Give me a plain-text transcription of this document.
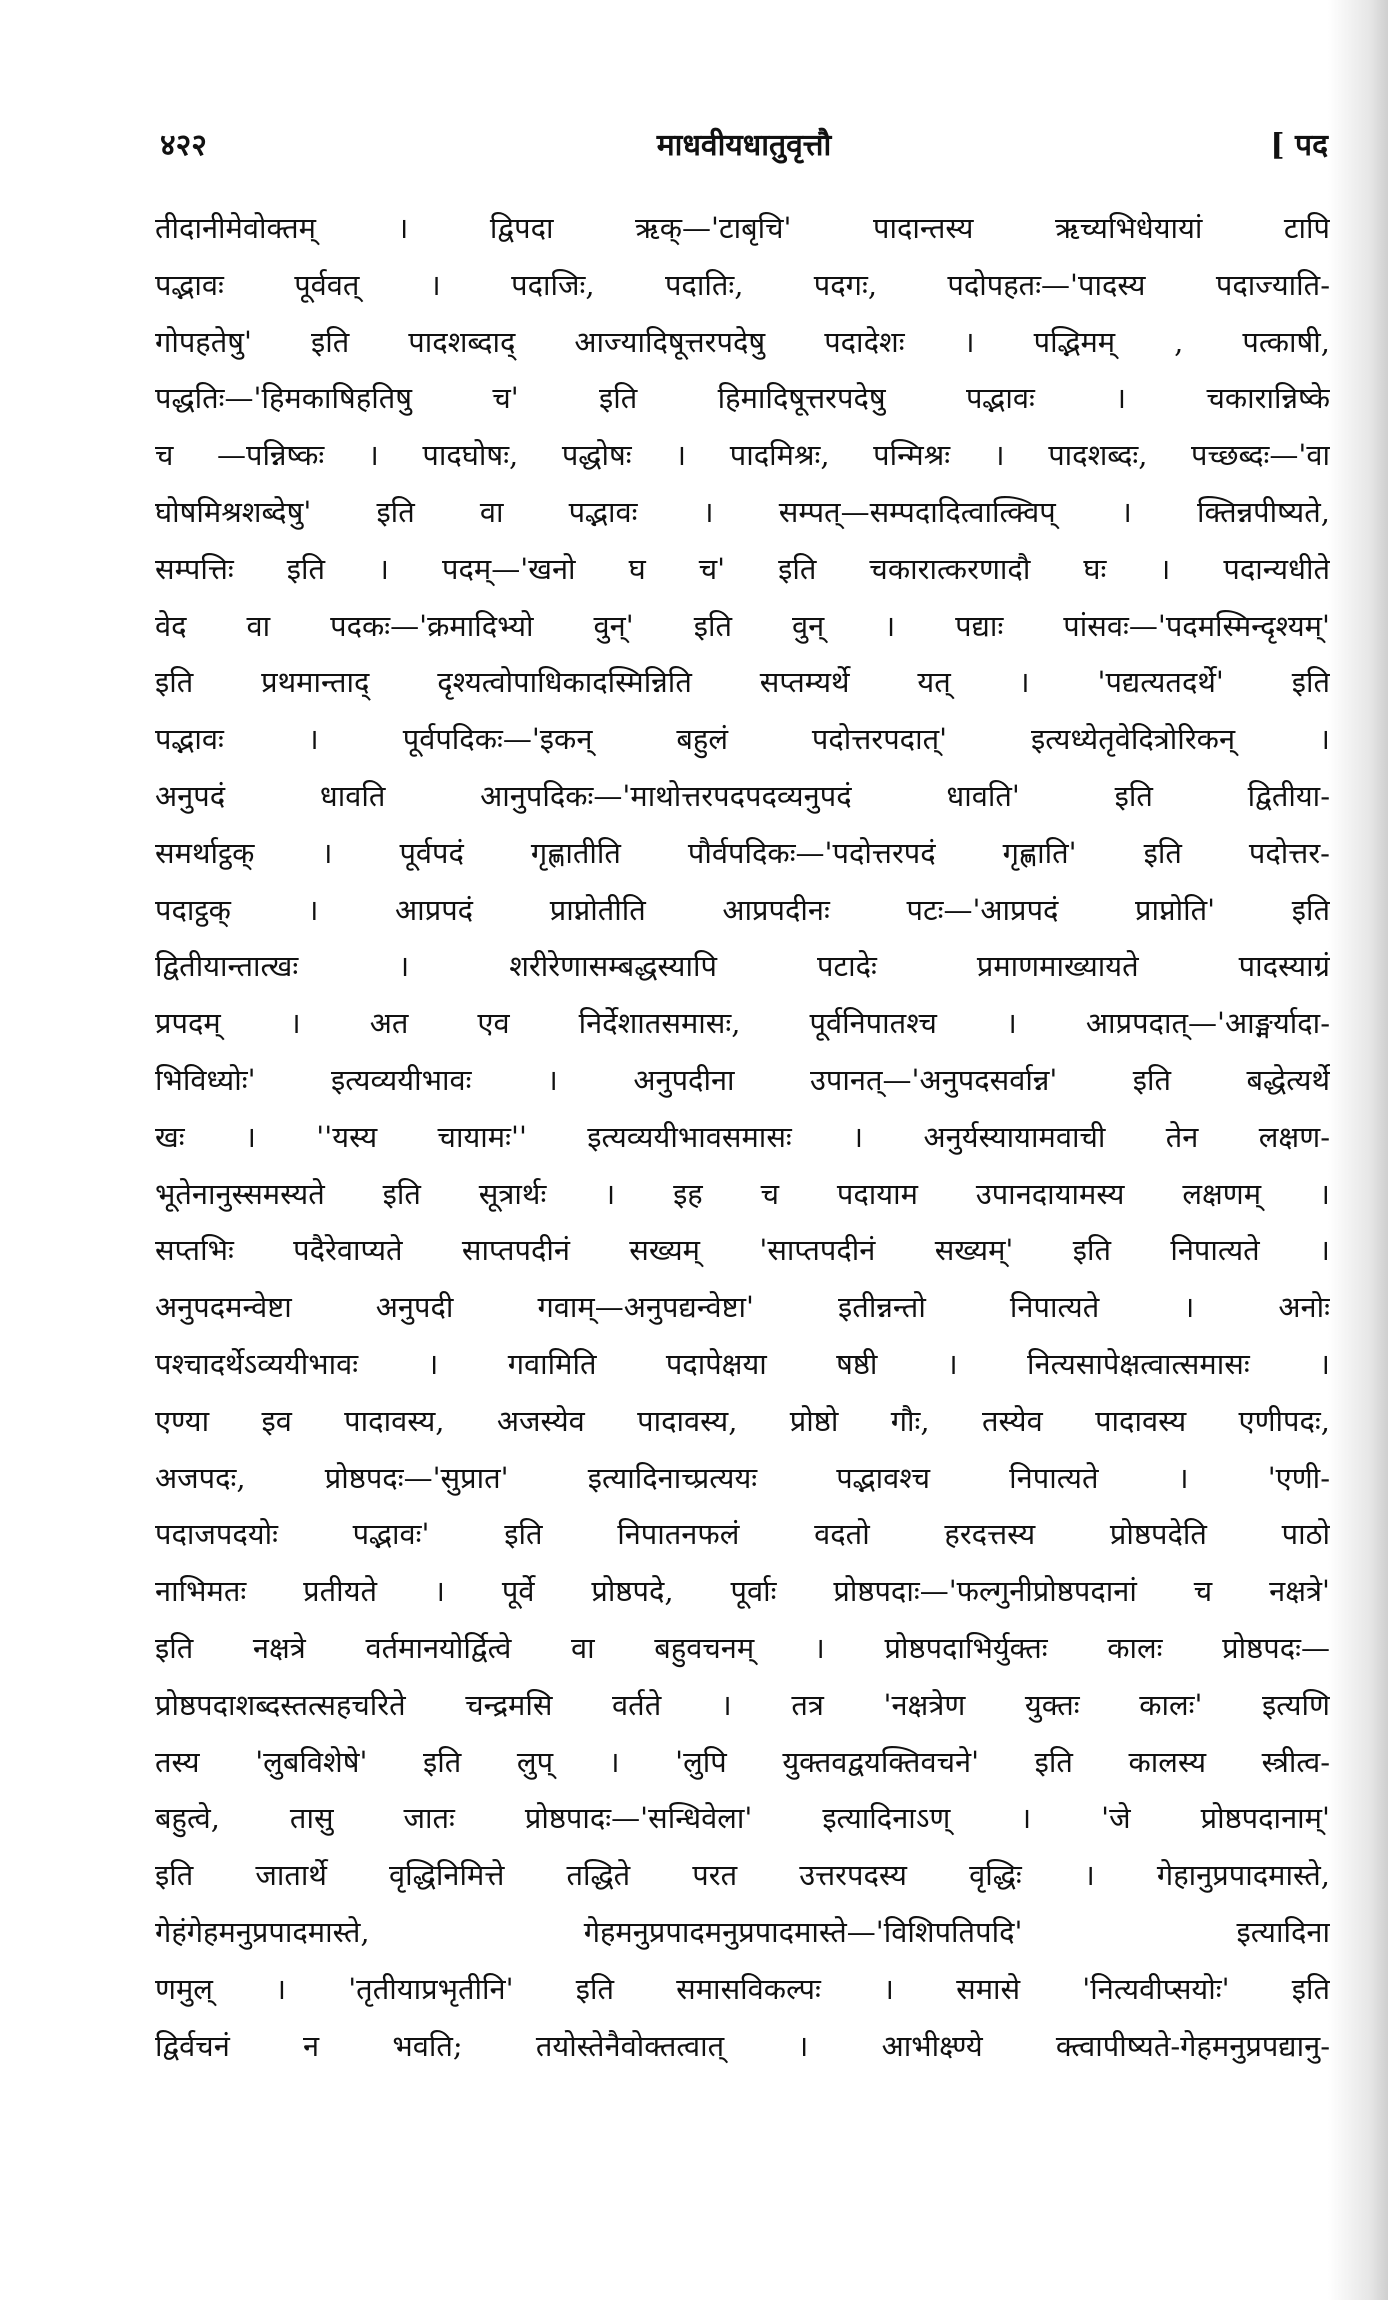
४२२	माधवीयधातुवृत्तौ	[ पद
तीदानीमेवोक्तम् । द्विपदा ऋक्—'टाबृचि' पादान्तस्य ऋच्यभिधेयायां टापि
पद्भावः पूर्ववत् । पदाजिः, पदातिः, पदगः, पदोपहतः—'पादस्य पदाज्याति-
गोपहतेषु' इति पादशब्दाद् आज्यादिषूत्तरपदेषु पदादेशः । पद्भिमम् , पत्काषी,
पद्धतिः—'हिमकाषिहतिषु च' इति हिमादिषूत्तरपदेषु पद्भावः । चकारान्निष्के
च —पन्निष्कः । पादघोषः, पद्धोषः । पादमिश्रः, पन्मिश्रः । पादशब्दः, पच्छब्दः—'वा
घोषमिश्रशब्देषु' इति वा पद्भावः । सम्पत्—सम्पदादित्वात्क्विप् । क्तिन्नपीष्यते,
सम्पत्तिः इति । पदम्—'खनो घ च' इति चकारात्करणादौ घः । पदान्यधीते
वेद वा पदकः—'क्रमादिभ्यो वुन्' इति वुन् । पद्याः पांसवः—'पदमस्मिन्दृश्यम्'
इति प्रथमान्ताद् दृश्यत्वोपाधिकादस्मिन्निति सप्तम्यर्थे यत् । 'पद्यत्यतदर्थे' इति
पद्भावः । पूर्वपदिकः—'इकन् बहुलं पदोत्तरपदात्' इत्यध्येतृवेदित्रोरिकन् ।
अनुपदं धावति आनुपदिकः—'माथोत्तरपदपदव्यनुपदं धावति' इति द्वितीया-
समर्थाट्ठक् । पूर्वपदं गृह्णातीति पौर्वपदिकः—'पदोत्तरपदं गृह्णाति' इति पदोत्तर-
पदाट्ठक् । आप्रपदं प्राप्नोतीति आप्रपदीनः पटः—'आप्रपदं प्राप्नोति' इति
द्वितीयान्तात्खः । शरीरेणासम्बद्धस्यापि पटादेः प्रमाणमाख्यायते पादस्याग्रं
प्रपदम् । अत एव निर्देशातसमासः, पूर्वनिपातश्च । आप्रपदात्—'आङ्मर्यादा-
भिविध्योः' इत्यव्ययीभावः । अनुपदीना उपानत्—'अनुपदसर्वान्न' इति बद्धेत्यर्थे
खः । ''यस्य चायामः'' इत्यव्ययीभावसमासः । अनुर्यस्यायामवाची तेन लक्षण-
भूतेनानुस्समस्यते इति सूत्रार्थः । इह च पदायाम उपानदायामस्य लक्षणम् ।
सप्तभिः पदैरेवाप्यते साप्तपदीनं सख्यम् 'साप्तपदीनं सख्यम्' इति निपात्यते ।
अनुपदमन्वेष्टा अनुपदी गवाम्—अनुपद्यन्वेष्टा' इतीन्नन्तो निपात्यते । अनोः
पश्चादर्थेऽव्ययीभावः । गवामिति पदापेक्षया षष्ठी । नित्यसापेक्षत्वात्समासः ।
एण्या इव पादावस्य, अजस्येव पादावस्य, प्रोष्ठो गौः, तस्येव पादावस्य एणीपदः,
अजपदः, प्रोष्ठपदः—'सुप्रात' इत्यादिनाच्प्रत्ययः पद्भावश्च निपात्यते । 'एणी-
पदाजपदयोः पद्भावः' इति निपातनफलं वदतो हरदत्तस्य प्रोष्ठपदेति पाठो
नाभिमतः प्रतीयते । पूर्वे प्रोष्ठपदे, पूर्वाः प्रोष्ठपदाः—'फल्गुनीप्रोष्ठपदानां च नक्षत्रे'
इति नक्षत्रे वर्तमानयोर्द्वित्वे वा बहुवचनम् । प्रोष्ठपदाभिर्युक्तः कालः प्रोष्ठपदः—
प्रोष्ठपदाशब्दस्तत्सहचरिते चन्द्रमसि वर्तते । तत्र 'नक्षत्रेण युक्तः कालः' इत्यणि
तस्य 'लुबविशेषे' इति लुप् । 'लुपि युक्तवद्वयक्तिवचने' इति कालस्य स्त्रीत्व-
बहुत्वे, तासु जातः प्रोष्ठपादः—'सन्धिवेला' इत्यादिनाऽण् । 'जे प्रोष्ठपदानाम्'
इति जातार्थे वृद्धिनिमित्ते तद्धिते परत उत्तरपदस्य वृद्धिः । गेहानुप्रपादमास्ते,
गेहंगेहमनुप्रपादमास्ते, गेहमनुप्रपादमनुप्रपादमास्ते—'विशिपतिपदि' इत्यादिना
णमुल् । 'तृतीयाप्रभृतीनि' इति समासविकल्पः । समासे 'नित्यवीप्सयोः' इति
द्विर्वचनं न भवति; तयोस्तेनैवोक्तत्वात् । आभीक्ष्ण्ये क्त्वापीष्यते-गेहमनुप्रपद्यानु-
